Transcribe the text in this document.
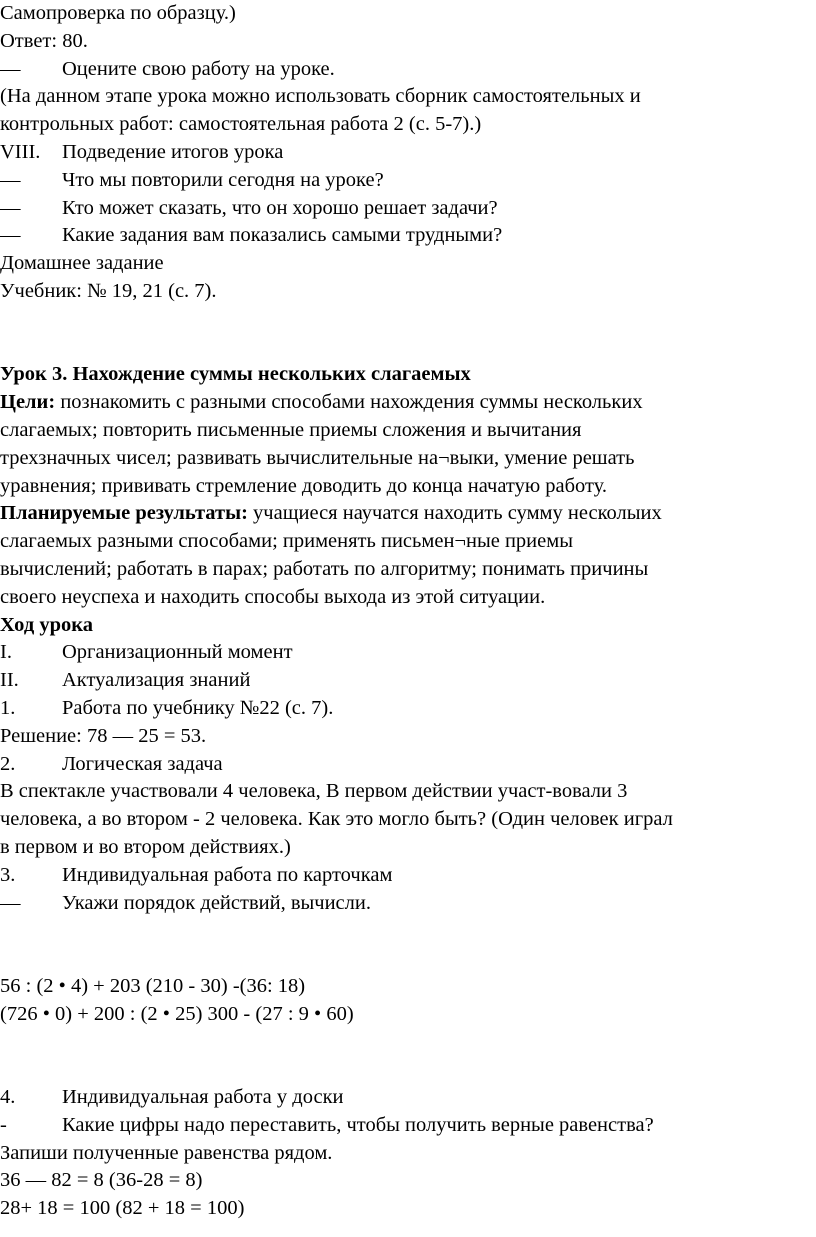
Самопроверка по образцу.)
Ответ: 80.
— Оцените свою работу на уроке.
(На данном этапе урока можно использовать сборник самостоятельных и
контрольных работ: самостоятельная работа 2 (с. 5-7).)
VIII. Подведение итогов урока
— Что мы повторили сегодня на уроке?
— Кто может сказать, что он хорошо решает задачи?
— Какие задания вам показались самыми трудными?
Домашнее задание
Учебник: № 19, 21 (с. 7).
Урок 3. Нахождение суммы нескольких слагаемых
Цели: познакомить с разными способами нахождения суммы нескольких
слагаемых; повторить письменные приемы сложения и вычитания
трехзначных чисел; развивать вычислительные на¬выки, умение решать
уравнения; прививать стремление доводить до конца начатую работу.
Планируемые результаты: учащиеся научатся находить сумму несколыих
слагаемых разными способами; применять письмен¬ные приемы
вычислений; работать в парах; работать по алгоритму; понимать причины
своего неуспеха и находить способы выхода из этой ситуации.
Ход урока
I. Организационный момент
II. Актуализация знаний
1. Работа по учебнику №22 (с. 7).
Решение: 78 — 25 = 53.
2. Логическая задача
В спектакле участвовали 4 человека, В первом действии участ-вовали 3
человека, а во втором - 2 человека. Как это могло быть? (Один человек играл
в первом и во втором действиях.)
3. Индивидуальная работа по карточкам
— Укажи порядок действий, вычисли.
56 : (2 • 4) + 203 (210 - 30) -(36: 18)
(726 • 0) + 200 : (2 • 25) 300 - (27 : 9 • 60)
4. Индивидуальная работа у доски
-	Какие цифры надо переставить, чтобы получить верные равенства?
Запиши полученные равенства рядом.
36 — 82 = 8 (36-28 = 8)
28+ 18 = 100 (82 + 18 = 100)
